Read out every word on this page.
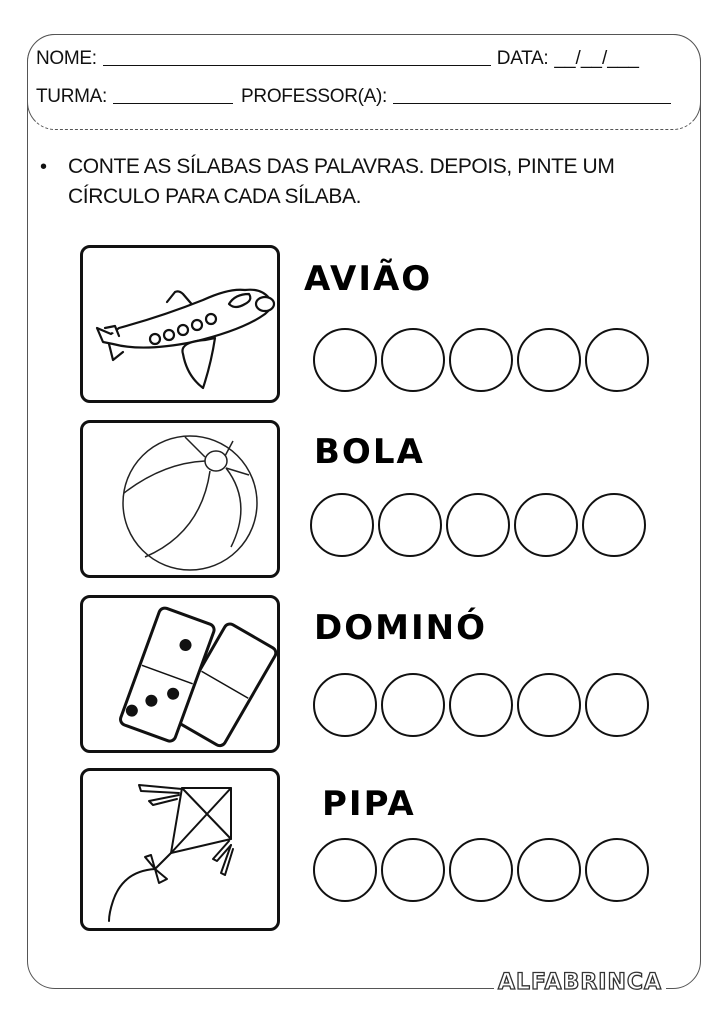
NOME:	DATA: __/__/___
TURMA:	PROFESSOR(A):
• CONTE AS SÍLABAS DAS PALAVRAS. DEPOIS, PINTE UM CÍRCULO PARA CADA SÍLABA.
AVIÃO
BOLA
DOMINÓ
PIPA
ALFABRINCA
